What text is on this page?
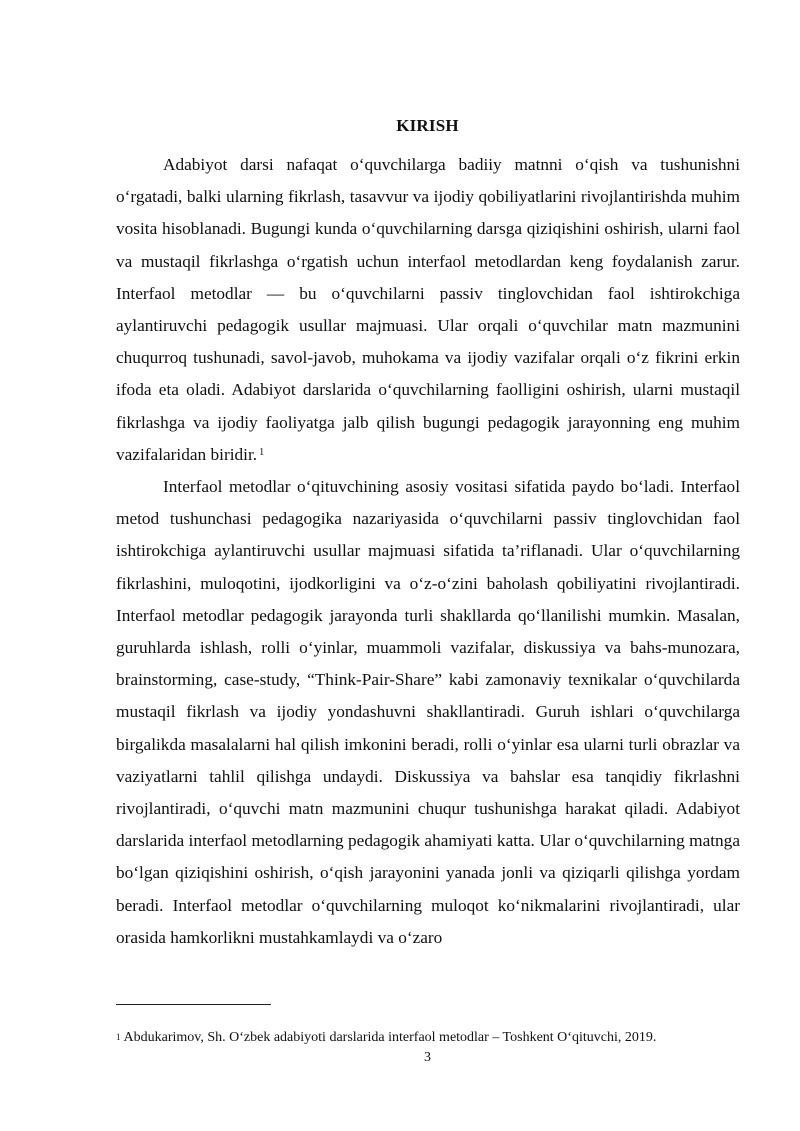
KIRISH

Adabiyot darsi nafaqat o‘quvchilarga badiiy matnni o‘qish va tushunishni o‘rgatadi, balki ularning fikrlash, tasavvur va ijodiy qobiliyatlarini rivojlantirishda muhim vosita hisoblanadi. Bugungi kunda o‘quvchilarning darsga qiziqishini oshirish, ularni faol va mustaqil fikrlashga o‘rgatish uchun interfaol metodlardan keng foydalanish zarur. Interfaol metodlar — bu o‘quvchilarni passiv tinglovchidan faol ishtirokchiga aylantiruvchi pedagogik usullar majmuasi. Ular orqali o‘quvchilar matn mazmunini chuqurroq tushunadi, savol-javob, muhokama va ijodiy vazifalar orqali o‘z fikrini erkin ifoda eta oladi. Adabiyot darslarida o‘quvchilarning faolligini oshirish, ularni mustaqil fikrlashga va ijodiy faoliyatga jalb qilish bugungi pedagogik jarayonning eng muhim vazifalaridan biridir. $^1$

Interfaol metodlar o‘qituvchining asosiy vositasi sifatida paydo bo‘ladi. Interfaol metod tushunchasi pedagogika nazariyasida o‘quvchilarni passiv tinglovchidan faol ishtirokchiga aylantiruvchi usullar majmuasi sifatida ta’riflanadi. Ular o‘quvchilarning fikrlashini, muloqotini, ijodkorligini va o‘z-o‘zini baholash qobiliyatini rivojlantiradi. Interfaol metodlar pedagogik jarayonda turli shakllarda qo‘llanilishi mumkin. Masalan, guruhlarda ishlash, rolli o‘yinlar, muammoli vazifalar, diskussiya va bahs-munozara, brainstorming, case-study, “Think-Pair-Share” kabi zamonaviy texnikalar o‘quvchilarda mustaqil fikrlash va ijodiy yondashuvni shakllantiradi. Guruh ishlari o‘quvchilarga birgalikda masalalarni hal qilish imkonini beradi, rolli o‘yinlar esa ularni turli obrazlar va vaziyatlarni tahlil qilishga undaydi. Diskussiya va bahslar esa tanqidiy fikrlashni rivojlantiradi, o‘quvchi matn mazmunini chuqur tushunishga harakat qiladi. Adabiyot darslarida interfaol metodlarning pedagogik ahamiyati katta. Ular o‘quvchilarning matnga bo‘lgan qiziqishini oshirish, o‘qish jarayonini yanada jonli va qiziqarli qilishga yordam beradi. Interfaol metodlar o‘quvchilarning muloqot ko‘nikmalarini rivojlantiradi, ular orasida hamkorlikni mustahkamlaydi va o‘zaro

$^1$ Abdukarimov, Sh. O‘zbek adabiyoti darslarida interfaol metodlar – Toshkent O‘qituvchi, 2019.

3
